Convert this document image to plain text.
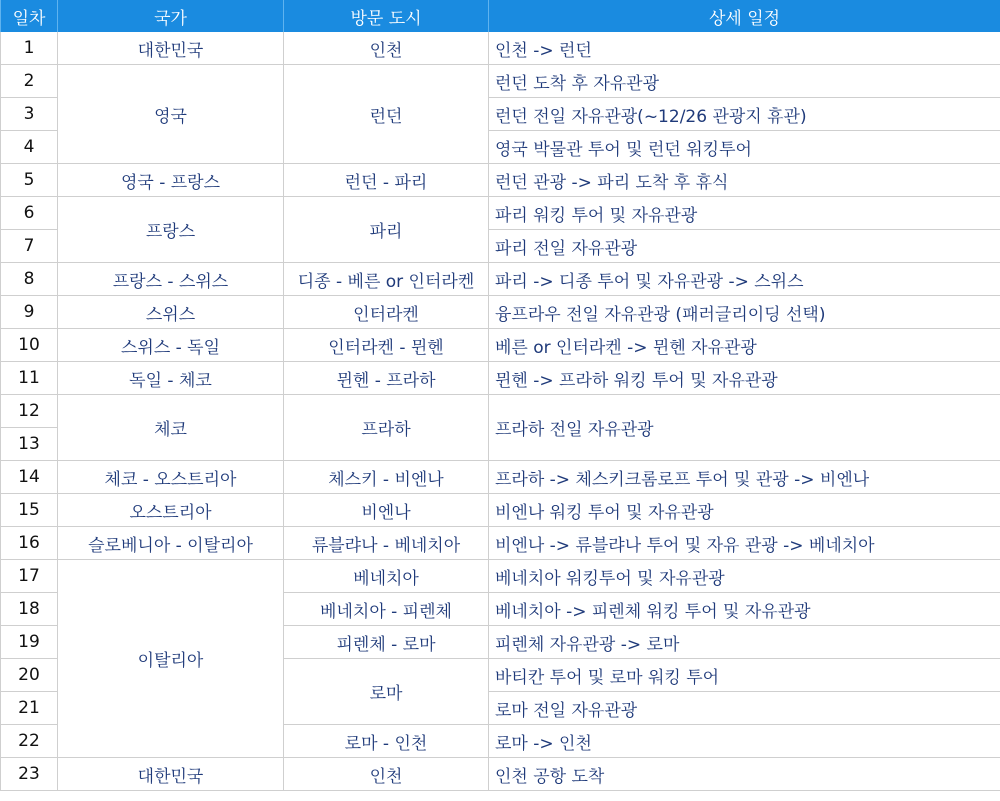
일차	국가	방문 도시	상세 일정
1	대한민국	인천	인천 -> 런던
2	영국	런던	런던 도착 후 자유관광
3			런던 전일 자유관광(~12/26 관광지 휴관)
4			영국 박물관 투어 및 런던 워킹투어
5	영국 - 프랑스	런던 - 파리	런던 관광 -> 파리 도착 후 휴식
6	프랑스	파리	파리 워킹 투어 및 자유관광
7			파리 전일 자유관광
8	프랑스 - 스위스	디종 - 베른 or 인터라켄	파리 -> 디종 투어 및 자유관광 -> 스위스
9	스위스	인터라켄	융프라우 전일 자유관광 (패러글리이딩 선택)
10	스위스 - 독일	인터라켄 - 뮌헨	베른 or 인터라켄 -> 뮌헨 자유관광
11	독일 - 체코	뮌헨 - 프라하	뮌헨 -> 프라하 워킹 투어 및 자유관광
12	체코	프라하	프라하 전일 자유관광
13			
14	체코 - 오스트리아	체스키 - 비엔나	프라하 -> 체스키크롬로프 투어 및 관광 -> 비엔나
15	오스트리아	비엔나	비엔나 워킹 투어 및 자유관광
16	슬로베니아 - 이탈리아	류블랴나 - 베네치아	비엔나 -> 류블랴나 투어 및 자유 관광 -> 베네치아
17	이탈리아	베네치아	베네치아 워킹투어 및 자유관광
18		베네치아 - 피렌체	베네치아 -> 피렌체 워킹 투어 및 자유관광
19		피렌체 - 로마	피렌체 자유관광 -> 로마
20		로마	바티칸 투어 및 로마 워킹 투어
21			로마 전일 자유관광
22		로마 - 인천	로마 -> 인천
23	대한민국	인천	인천 공항 도착
